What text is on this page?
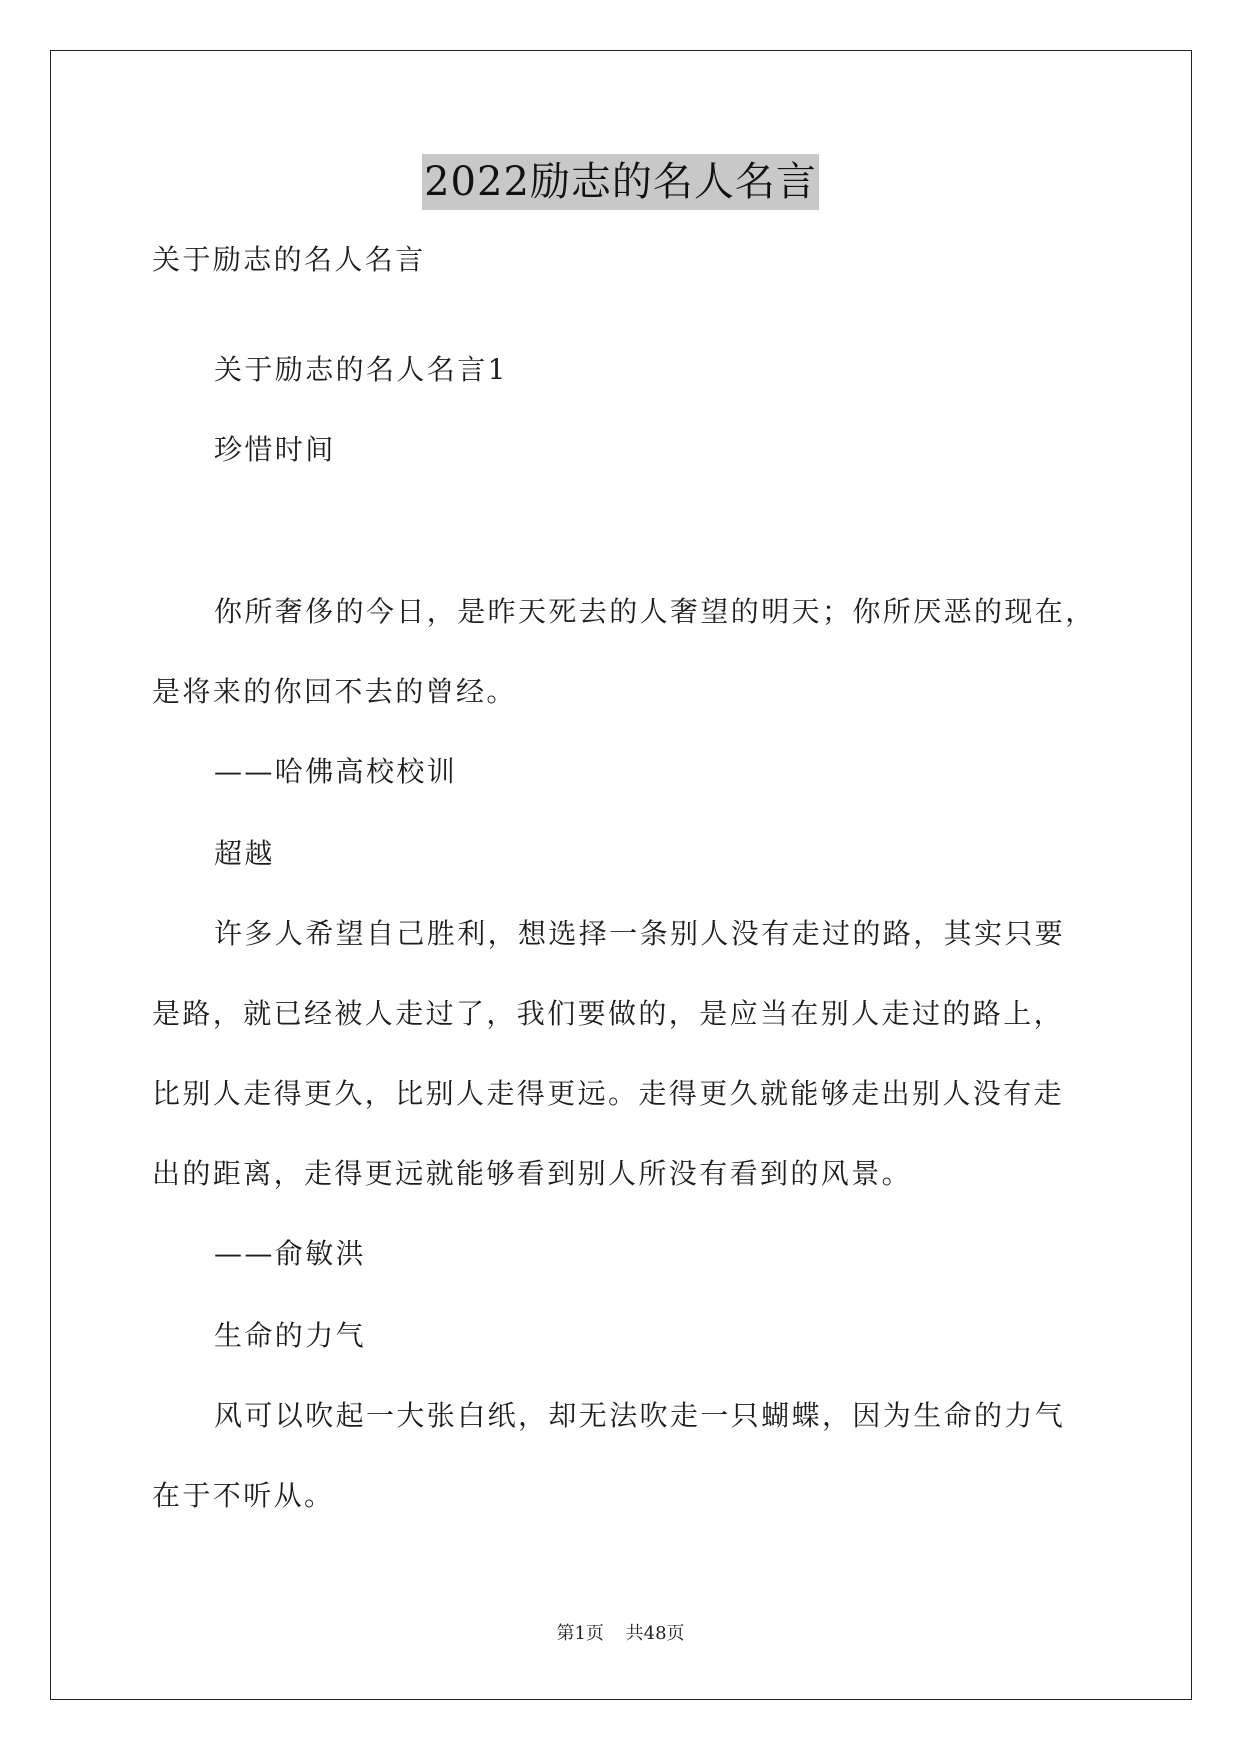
2022励志的名人名言
关于励志的名人名言
关于励志的名人名言1
珍惜时间
你所奢侈的今日，是昨天死去的人奢望的明天；你所厌恶的现在，
是将来的你回不去的曾经。
——哈佛高校校训
超越
许多人希望自己胜利，想选择一条别人没有走过的路，其实只要
是路，就已经被人走过了，我们要做的，是应当在别人走过的路上，
比别人走得更久，比别人走得更远。走得更久就能够走出别人没有走
出的距离，走得更远就能够看到别人所没有看到的风景。
——俞敏洪
生命的力气
风可以吹起一大张白纸，却无法吹走一只蝴蝶，因为生命的力气
在于不听从。
第1页 共48页
